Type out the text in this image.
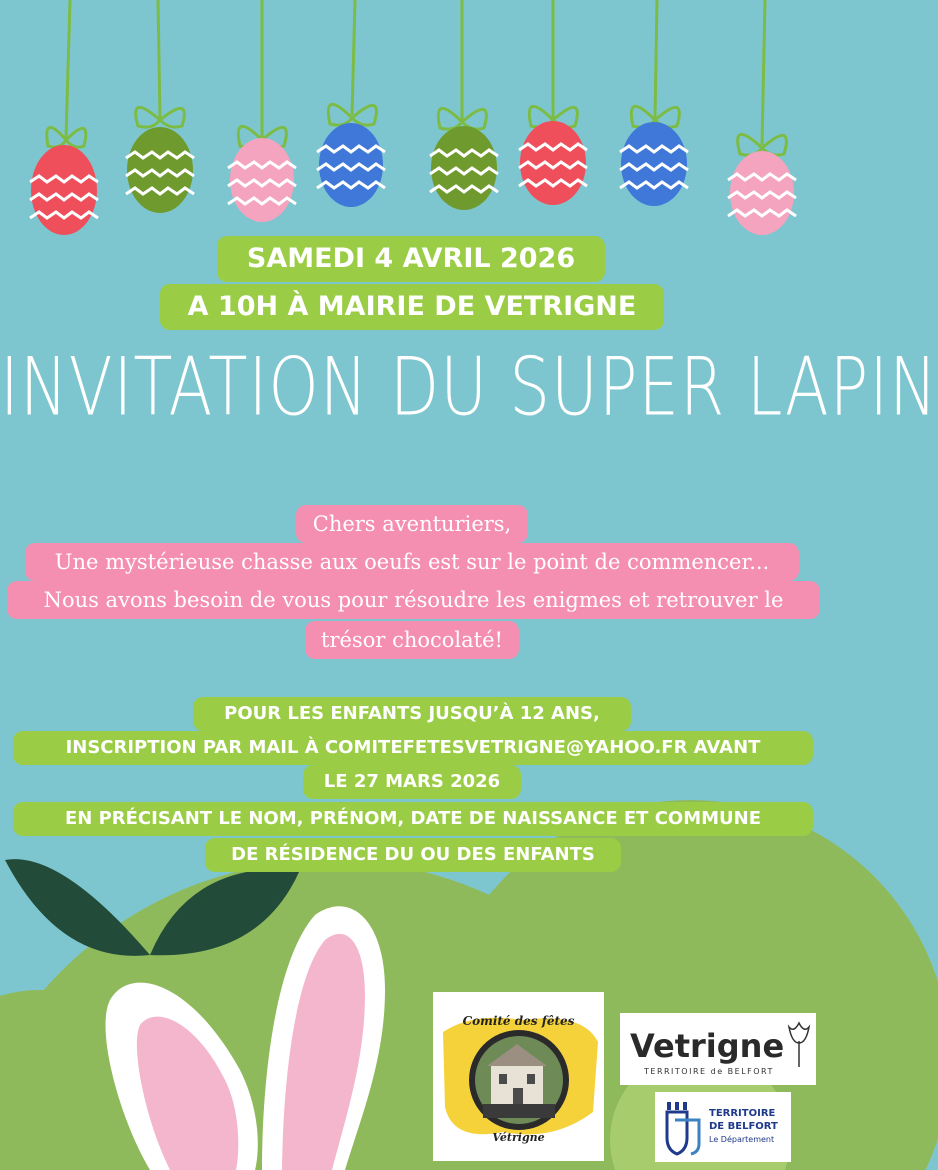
SAMEDI 4 AVRIL 2026
A 10H À MAIRIE DE VETRIGNE
INVITATION DU SUPER LAPIN
Chers aventuriers,
Une mystérieuse chasse aux oeufs est sur le point de commencer...
Nous avons besoin de vous pour résoudre les enigmes et retrouver le
trésor chocolaté!
POUR LES ENFANTS JUSQU’À 12 ANS,
INSCRIPTION PAR MAIL À COMITEFETESVETRIGNE@YAHOO.FR AVANT
LE 27 MARS 2026
EN PRÉCISANT LE NOM, PRÉNOM, DATE DE NAISSANCE ET COMMUNE
DE RÉSIDENCE DU OU DES ENFANTS
Comité des fêtes
Vétrigne
Vetrigne
TERRITOIRE de BELFORT
TERRITOIRE
DE BELFORT
Le Département
